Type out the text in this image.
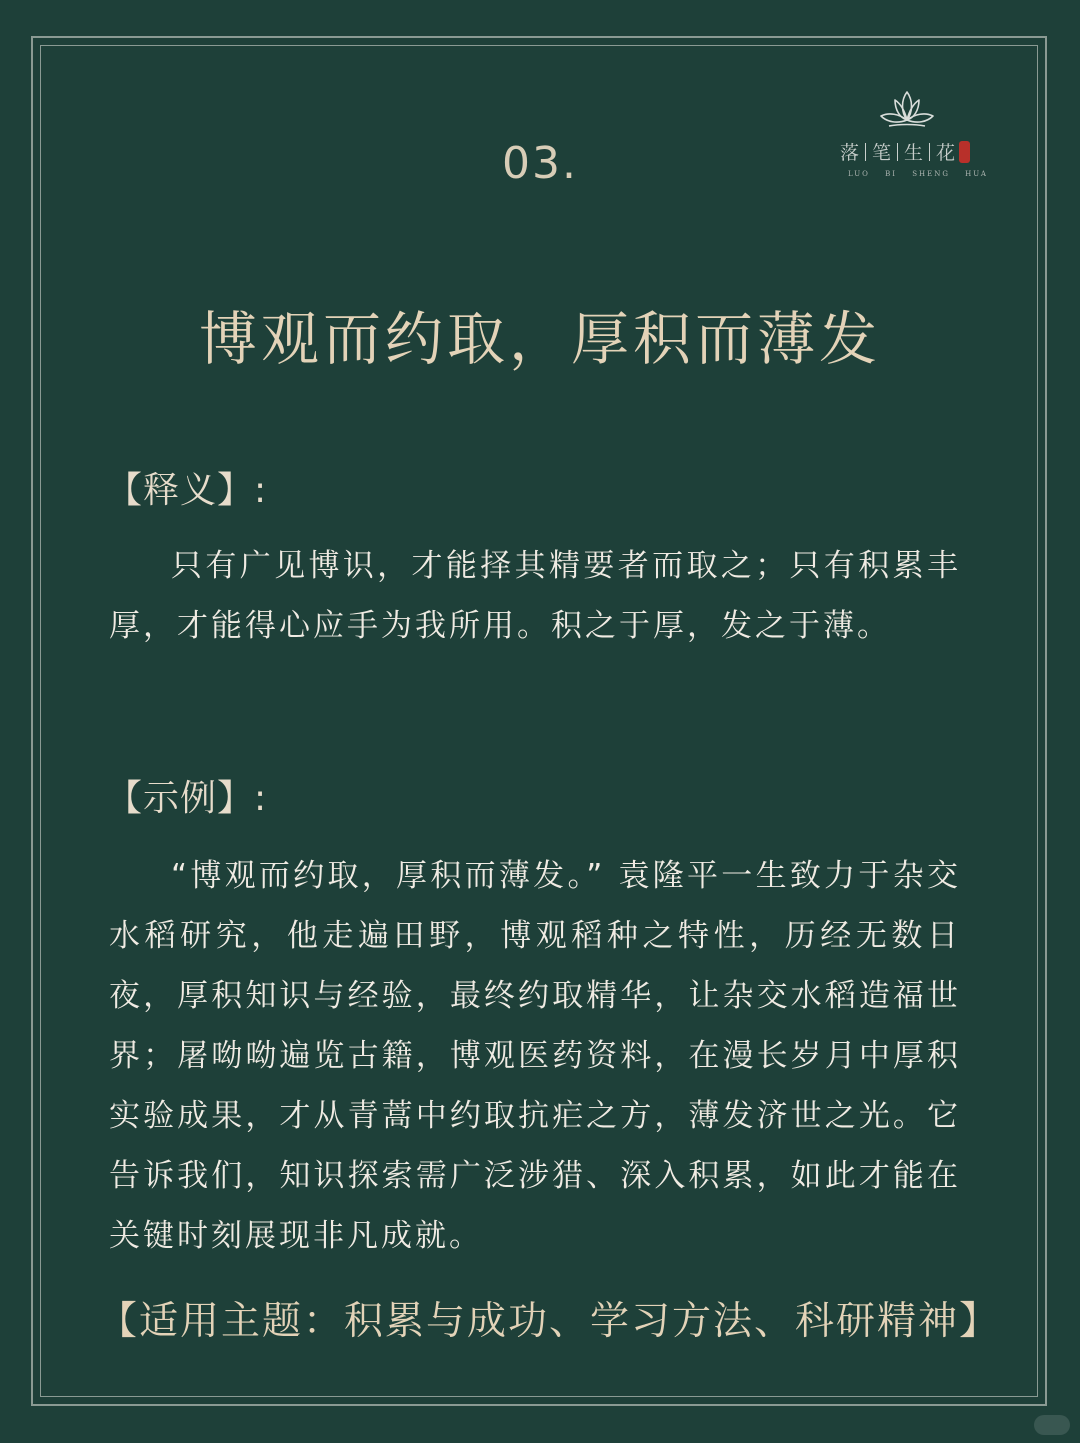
落 笔 生 花
LUO BI SHENG HUA
03.
博观而约取，厚积而薄发
【释义】:

只有广见博识，才能择其精要者而取之；只有积累丰厚，才能得心应手为我所用。积之于厚，发之于薄。

【示例】:

“博观而约取，厚积而薄发。” 袁隆平一生致力于杂交水稻研究，他走遍田野，博观稻种之特性，历经无数日夜，厚积知识与经验，最终约取精华，让杂交水稻造福世界；屠呦呦遍览古籍，博观医药资料，在漫长岁月中厚积实验成果，才从青蒿中约取抗疟之方，薄发济世之光。它告诉我们，知识探索需广泛涉猎、深入积累，如此才能在关键时刻展现非凡成就。

【适用主题：积累与成功、学习方法、科研精神】
